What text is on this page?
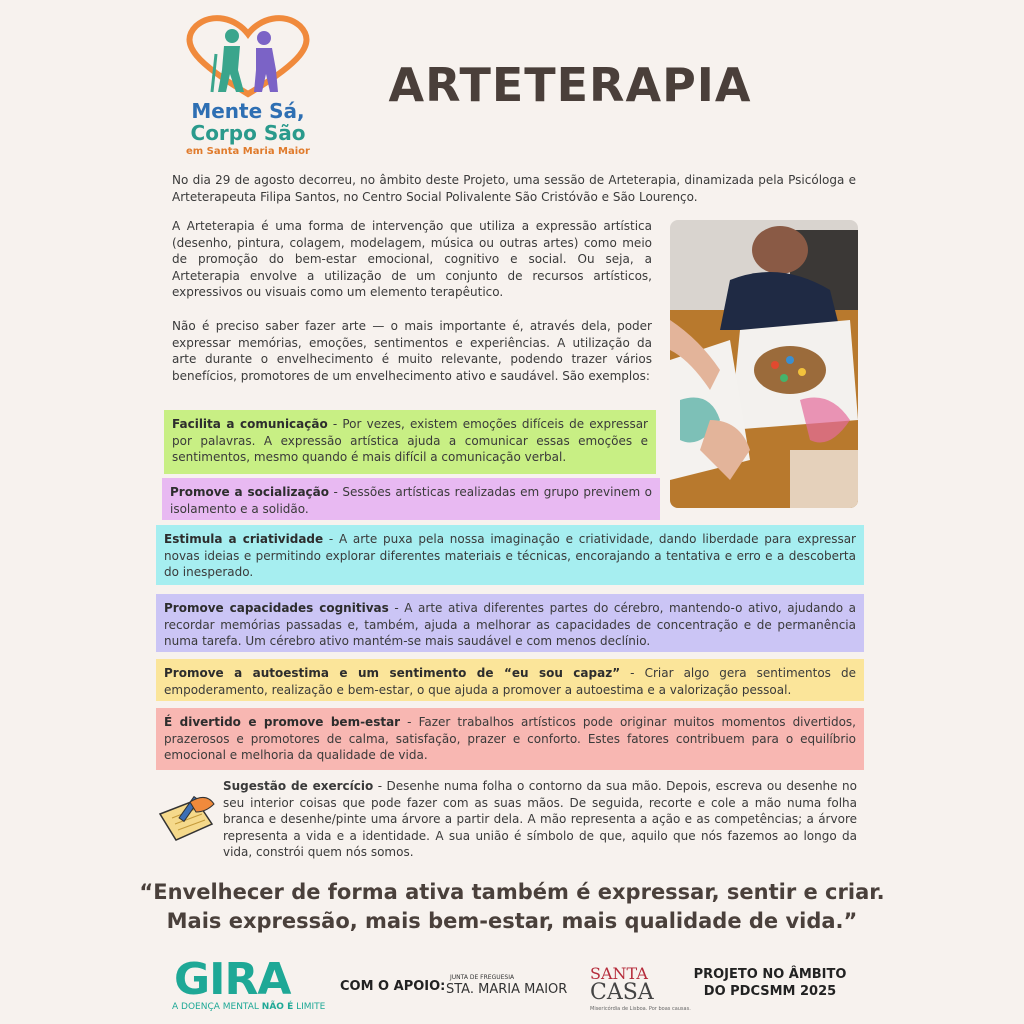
Mente Sá,
Corpo São
em Santa Maria Maior
ARTETERAPIA
No dia 29 de agosto decorreu, no âmbito deste Projeto, uma sessão de Arteterapia, dinamizada pela Psicóloga e Arteterapeuta Filipa Santos, no Centro Social Polivalente São Cristóvão e São Lourenço.
A Arteterapia é uma forma de intervenção que utiliza a expressão artística (desenho, pintura, colagem, modelagem, música ou outras artes) como meio de promoção do bem-estar emocional, cognitivo e social. Ou seja, a Arteterapia envolve a utilização de um conjunto de recursos artísticos, expressivos ou visuais como um elemento terapêutico.
Não é preciso saber fazer arte — o mais importante é, através dela, poder expressar memórias, emoções, sentimentos e experiências. A utilização da arte durante o envelhecimento é muito relevante, podendo trazer vários benefícios, promotores de um envelhecimento ativo e saudável. São exemplos:
Facilita a comunicação - Por vezes, existem emoções difíceis de expressar por palavras. A expressão artística ajuda a comunicar essas emoções e sentimentos, mesmo quando é mais difícil a comunicação verbal.
Promove a socialização - Sessões artísticas realizadas em grupo previnem o isolamento e a solidão.
Estimula a criatividade - A arte puxa pela nossa imaginação e criatividade, dando liberdade para expressar novas ideias e permitindo explorar diferentes materiais e técnicas, encorajando a tentativa e erro e a descoberta do inesperado.
Promove capacidades cognitivas - A arte ativa diferentes partes do cérebro, mantendo-o ativo, ajudando a recordar memórias passadas e, também, ajuda a melhorar as capacidades de concentração e de permanência numa tarefa. Um cérebro ativo mantém-se mais saudável e com menos declínio.
Promove a autoestima e um sentimento de “eu sou capaz” - Criar algo gera sentimentos de empoderamento, realização e bem-estar, o que ajuda a promover a autoestima e a valorização pessoal.
É divertido e promove bem-estar - Fazer trabalhos artísticos pode originar muitos momentos divertidos, prazerosos e promotores de calma, satisfação, prazer e conforto. Estes fatores contribuem para o equilíbrio emocional e melhoria da qualidade de vida.
Sugestão de exercício - Desenhe numa folha o contorno da sua mão. Depois, escreva ou desenhe no seu interior coisas que pode fazer com as suas mãos. De seguida, recorte e cole a mão numa folha branca e desenhe/pinte uma árvore a partir dela. A mão representa a ação e as competências; a árvore representa a vida e a identidade. A sua união é símbolo de que, aquilo que nós fazemos ao longo da vida, constrói quem nós somos.
“Envelhecer de forma ativa também é expressar, sentir e criar.
Mais expressão, mais bem-estar, mais qualidade de vida.”
GIRA
A DOENÇA MENTAL NÃO É LIMITE
COM O APOIO:
JUNTA DE FREGUESIA
STA. MARIA MAIOR
SANTA
CASA
Misericórdia de Lisboa. Por boas causas.
PROJETO NO ÂMBITO
DO PDCSMM 2025
